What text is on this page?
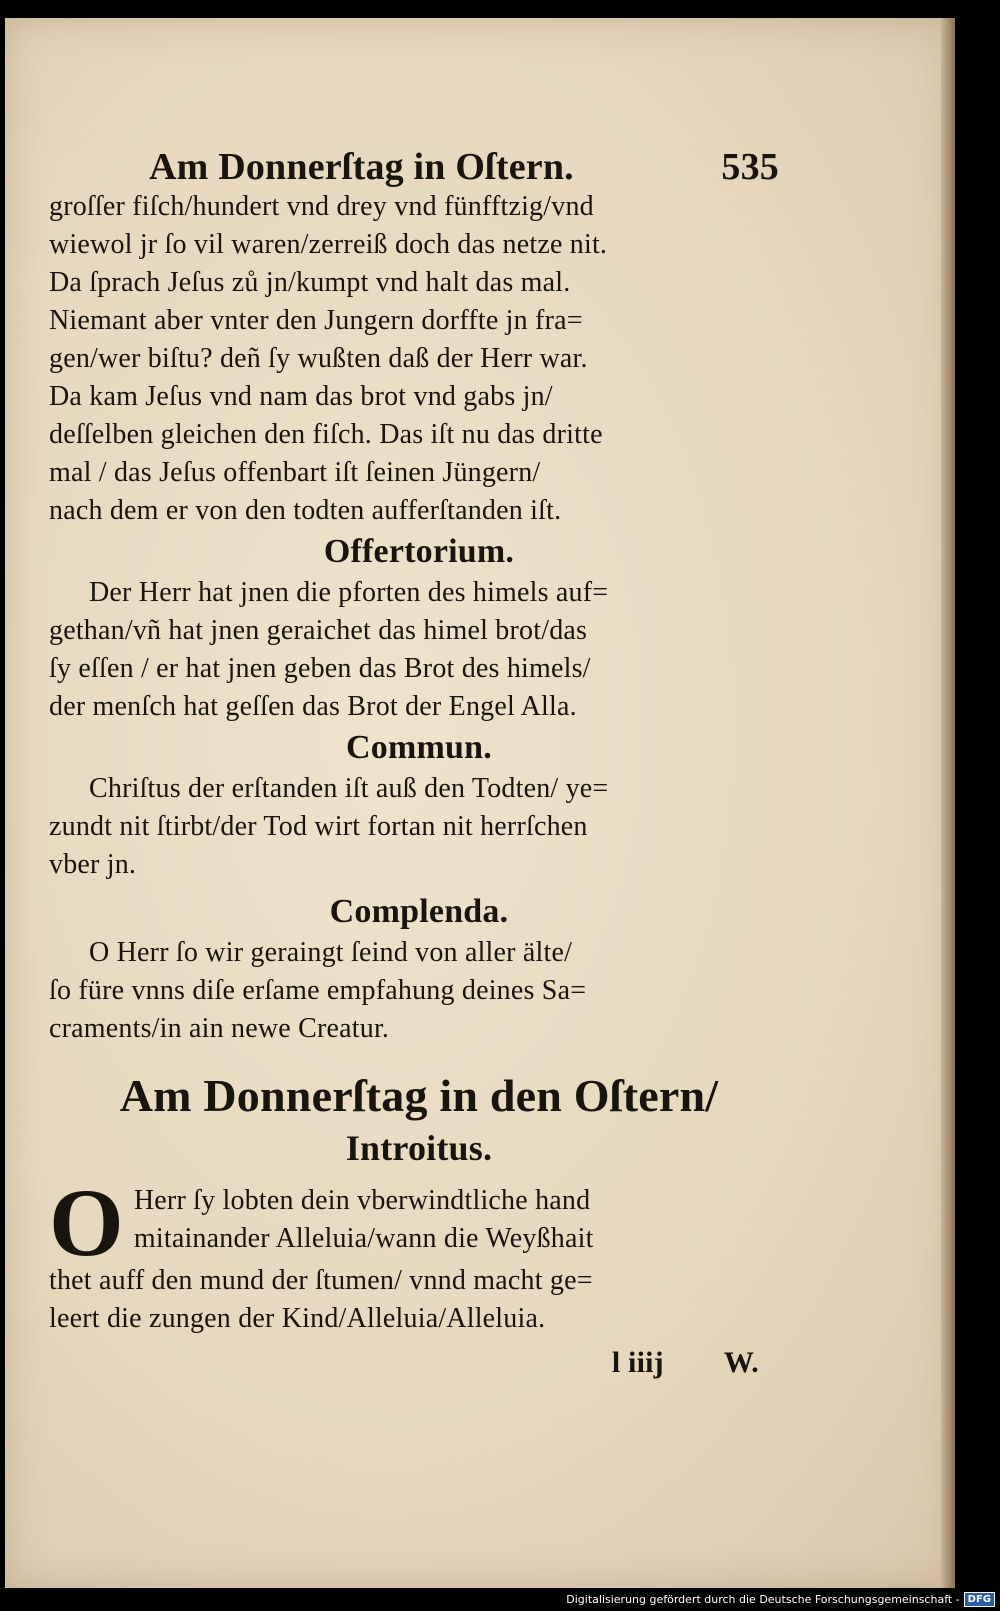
Am Donnerſtag in Oſtern.	535
groſſer fiſch/hundert vnd drey vnd fünfftzig/vnd
wiewol jr ſo vil waren/zerreiß doch das netze nit.
Da ſprach Jeſus zů jn/kumpt vnd halt das mal.
Niemant aber vnter den Jungern dorffte jn fra=
gen/wer biſtu? deñ ſy wußten daß der Herr war.
Da kam Jeſus vnd nam das brot vnd gabs jn/
deſſelben gleichen den fiſch. Das iſt nu das dritte
mal / das Jeſus offenbart iſt ſeinen Jüngern/
nach dem er von den todten aufferſtanden iſt.
Offertorium.
Der Herr hat jnen die pforten des himels auf=
gethan/vñ hat jnen geraichet das himel brot/das
ſy eſſen / er hat jnen geben das Brot des himels/
der menſch hat geſſen das Brot der Engel Alla.
Commun.
Chriſtus der erſtanden iſt auß den Todten/ ye=
zundt nit ſtirbt/der Tod wirt fortan nit herrſchen
vber jn.
Complenda.
O Herr ſo wir geraingt ſeind von aller älte/
ſo füre vnns diſe erſame empfahung deines Sa=
craments/in ain newe Creatur.
Am Donnerſtag in den Oſtern/
Introitus.
O Herr ſy lobten dein vberwindtliche hand
mitainander Alleluia/wann die Weyßhait
thet auff den mund der ſtumen/ vnnd macht ge=
leert die zungen der Kind/Alleluia/Alleluia.
l iiij W.
Digitalisierung gefördert durch die Deutsche Forschungsgemeinschaft - DFG
